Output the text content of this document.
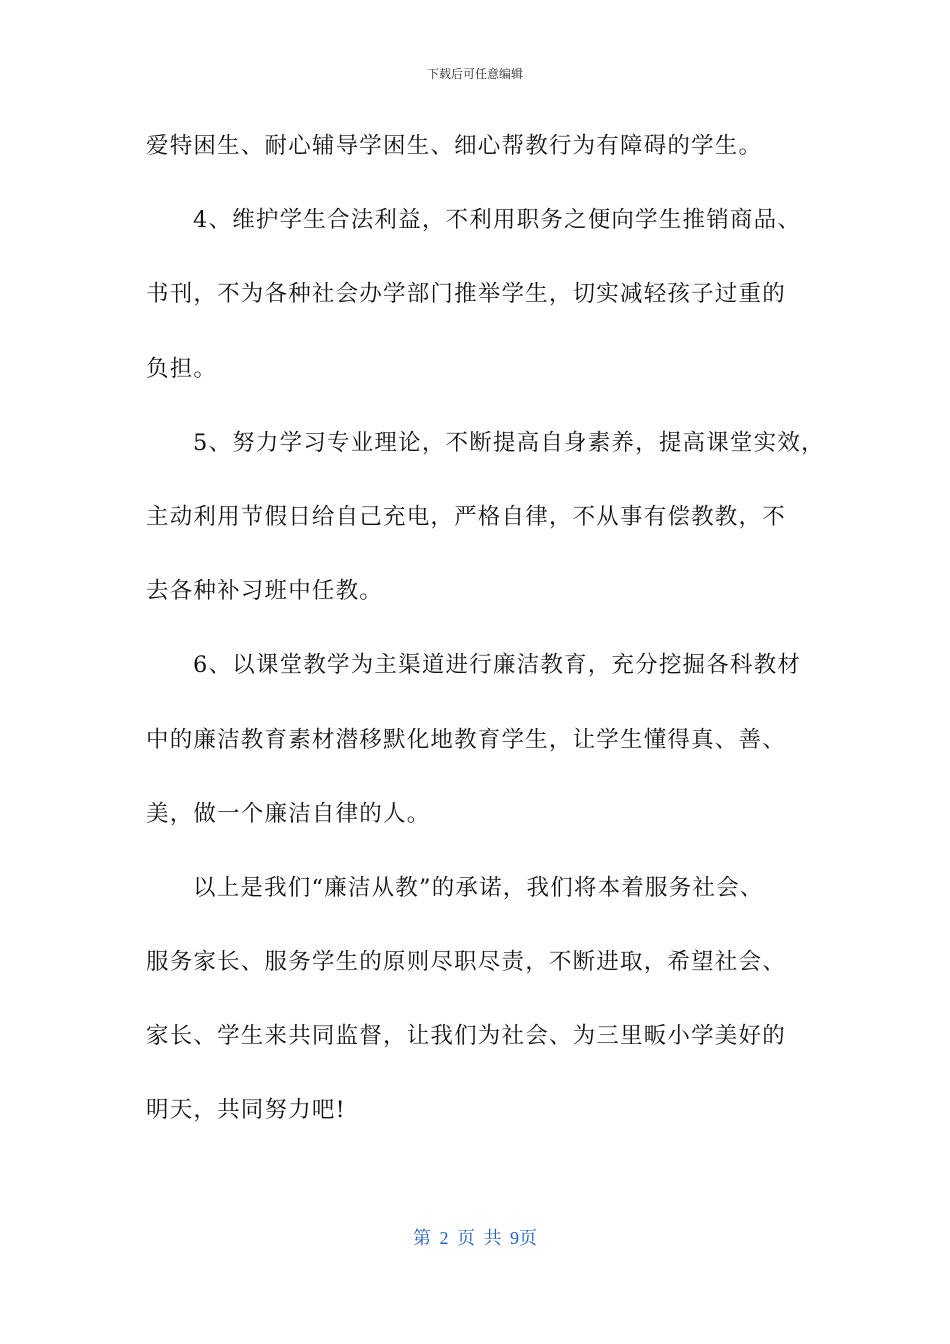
下载后可任意编辑
爱特困生、耐心辅导学困生、细心帮教行为有障碍的学生。
4、维护学生合法利益，不利用职务之便向学生推销商品、
书刊，不为各种社会办学部门推举学生，切实减轻孩子过重的
负担。
5、努力学习专业理论，不断提高自身素养，提高课堂实效，
主动利用节假日给自己充电，严格自律，不从事有偿教教，不
去各种补习班中任教。
6、以课堂教学为主渠道进行廉洁教育，充分挖掘各科教材
中的廉洁教育素材潜移默化地教育学生，让学生懂得真、善、
美，做一个廉洁自律的人。
以上是我们“廉洁从教”的承诺，我们将本着服务社会、
服务家长、服务学生的原则尽职尽责，不断进取，希望社会、
家长、学生来共同监督，让我们为社会、为三里畈小学美好的
明天，共同努力吧!
第 2 页 共 9页
